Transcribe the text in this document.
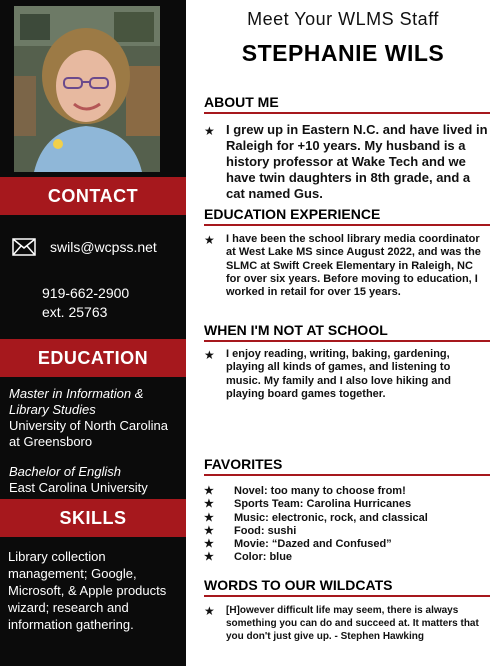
CONTACT
swils@wcpss.net
919-662-2900
ext. 25763
EDUCATION
Master in Information & Library Studies
University of North Carolina at Greensboro
Bachelor of English
East Carolina University
SKILLS
Library collection management; Google, Microsoft, & Apple products wizard; research and information gathering.
Meet Your WLMS Staff
STEPHANIE WILS
ABOUT ME
★ I grew up in Eastern N.C. and have lived in Raleigh for +10 years. My husband is a history professor at Wake Tech and we have twin daughters in 8th grade, and a cat named Gus.
EDUCATION EXPERIENCE
★	I have been the school library media coordinator at West Lake MS since August 2022, and was the SLMC at Swift Creek Elementary in Raleigh, NC for over six years. Before moving to education, I worked in retail for over 15 years.
WHEN I'M NOT AT SCHOOL
★	I enjoy reading, writing, baking, gardening, playing all kinds of games, and listening to music. My family and I also love hiking and playing board games together.
FAVORITES
★	Novel: too many to choose from!
★	Sports Team: Carolina Hurricanes
★	Music: electronic, rock, and classical
★	Food: sushi
★	Movie: “Dazed and Confused”
★	Color: blue
WORDS TO OUR WILDCATS
★	[H]owever difficult life may seem, there is always something you can do and succeed at. It matters that you don't just give up. - Stephen Hawking
